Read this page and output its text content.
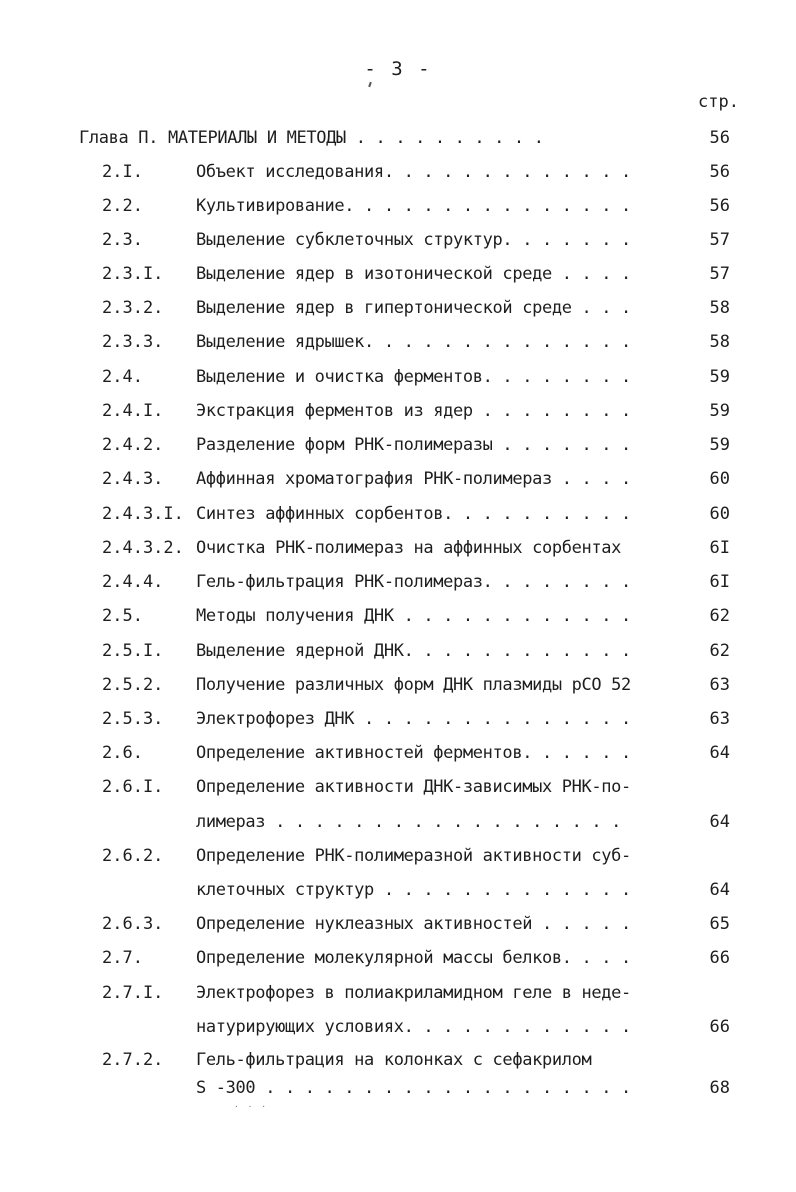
- 3 -
стр.
Глава П. МАТЕРИАЛЫ И МЕТОДЫ . . . . . . . . . .	56
2.I.	Объект исследования. . . . . . . . . . . . .	56
2.2.	Культивирование. . . . . . . . . . . . . . .	56
2.3.	Выделение субклеточных структур. . . . . . .	57
2.3.I. Выделение ядер в изотонической среде . . . .	57
2.3.2. Выделение ядер в гипертонической среде . . .	58
2.3.3. Выделение ядрышек. . . . . . . . . . . . . .	58
2.4.	Выделение и очистка ферментов. . . . . . . .	59
2.4.I. Экстракция ферментов из ядер . . . . . . . .	59
2.4.2. Разделение форм РНК-полимеразы . . . . . . .	59
2.4.3. Аффинная хроматография РНК-полимераз . . . .	60
2.4.3.I. Синтез аффинных сорбентов. . . . . . . . . .	60
2.4.3.2. Очистка РНК-полимераз на аффинных сорбентах	6I
2.4.4. Гель-фильтрация РНК-полимераз. . . . . . . .	6I
2.5.	Методы получения ДНК . . . . . . . . . . . .	62
2.5.I. Выделение ядерной ДНК. . . . . . . . . . . .	62
2.5.2. Получение различных форм ДНК плазмиды рСО 52	63
2.5.3. Электрофорез ДНК . . . . . . . . . . . . . .	63
2.6.	Определение активностей ферментов. . . . . .	64
2.6.I. Определение активности ДНК-зависимых РНК-по-
лимераз . . . . . . . . . . . . . . . . . .	64
2.6.2. Определение РНК-полимеразной активности суб-
клеточных структур . . . . . . . . . . . . .	64
2.6.3. Определение нуклеазных активностей . . . . .	65
2.7.	Определение молекулярной массы белков. . . .	66
2.7.I. Электрофорез в полиакриламидном геле в неде-
натурирующих условиях. . . . . . . . . . . .	66
2.7.2. Гель-фильтрация на колонках с сефакрилом
S -300 . . . . . . . . . . . . . . . . . . .	68
. . .
